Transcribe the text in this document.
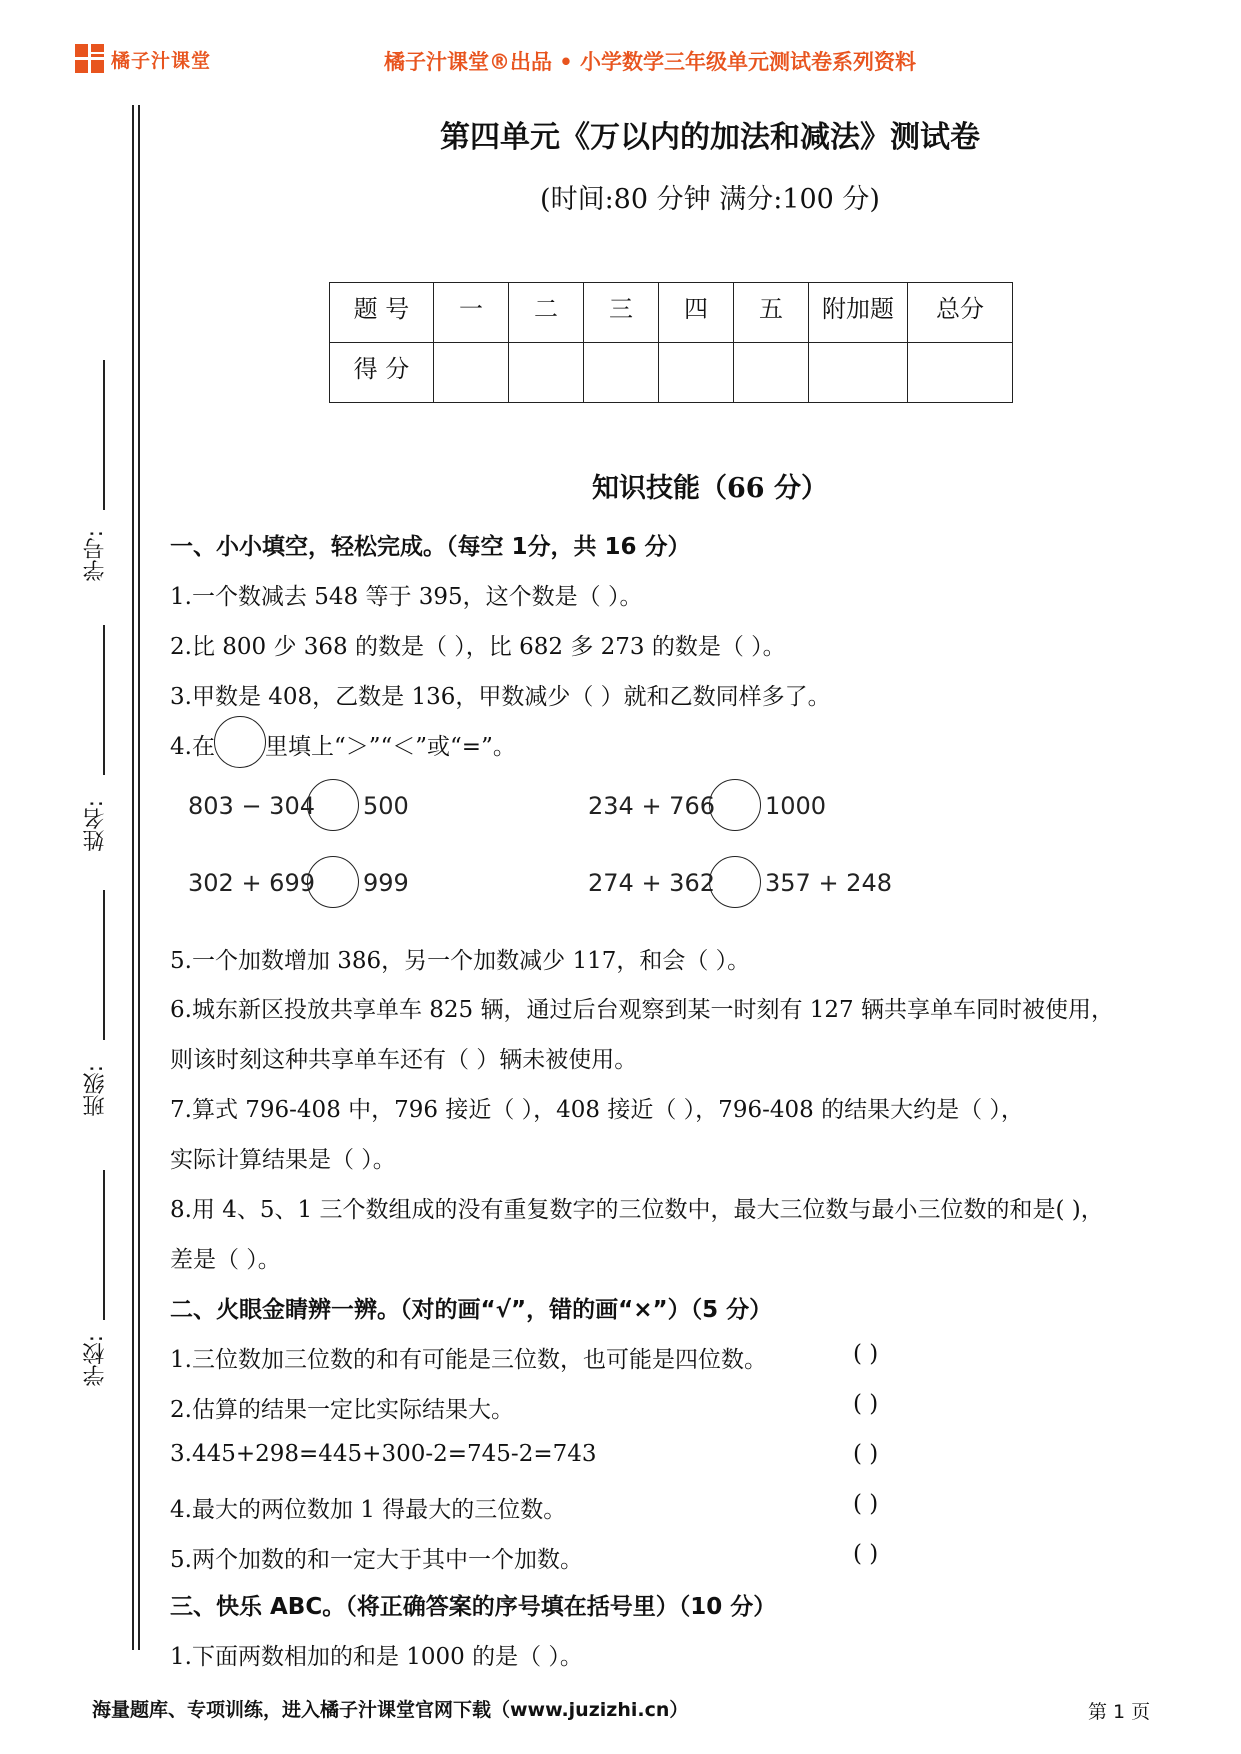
橘子汁课堂	橘子汁课堂®出品 • 小学数学三年级单元测试卷系列资料
学号:
姓名:
班级:
学校:
第四单元《万以内的加法和减法》测试卷
(时间:80 分钟 满分:100 分)
题 号	一	二	三	四	五	附加题	总分
得 分							
知识技能（66 分）
一、小小填空，轻松完成。（每空 1分，共 16 分）
1.一个数减去 548 等于 395，这个数是（ ）。
2.比 800 少 368 的数是（ ），比 682 多 273 的数是（ ）。
3.甲数是 408，乙数是 136，甲数减少（ ）就和乙数同样多了。
4.在 里填上“＞”“＜”或“=”。
803 − 304 500	234 + 766 1000
302 + 699 999	274 + 362 357 + 248
5.一个加数增加 386，另一个加数减少 117，和会（ ）。
6.城东新区投放共享单车 825 辆，通过后台观察到某一时刻有 127 辆共享单车同时被使用，
则该时刻这种共享单车还有（ ）辆未被使用。
7.算式 796-408 中，796 接近（ ），408 接近（ ），796-408 的结果大约是（ ），
实际计算结果是（ ）。
8.用 4、5、1 三个数组成的没有重复数字的三位数中，最大三位数与最小三位数的和是( )，
差是（ ）。
二、火眼金睛辨一辨。（对的画“√”，错的画“×”）（5 分）
1.三位数加三位数的和有可能是三位数，也可能是四位数。	( )
2.估算的结果一定比实际结果大。	( )
3.445+298=445+300-2=745-2=743	( )
4.最大的两位数加 1 得最大的三位数。	( )
5.两个加数的和一定大于其中一个加数。	( )
三、快乐 ABC。（将正确答案的序号填在括号里）（10 分）
1.下面两数相加的和是 1000 的是（ ）。
海量题库、专项训练，进入橘子汁课堂官网下载（www.juzizhi.cn）	第 1 页
